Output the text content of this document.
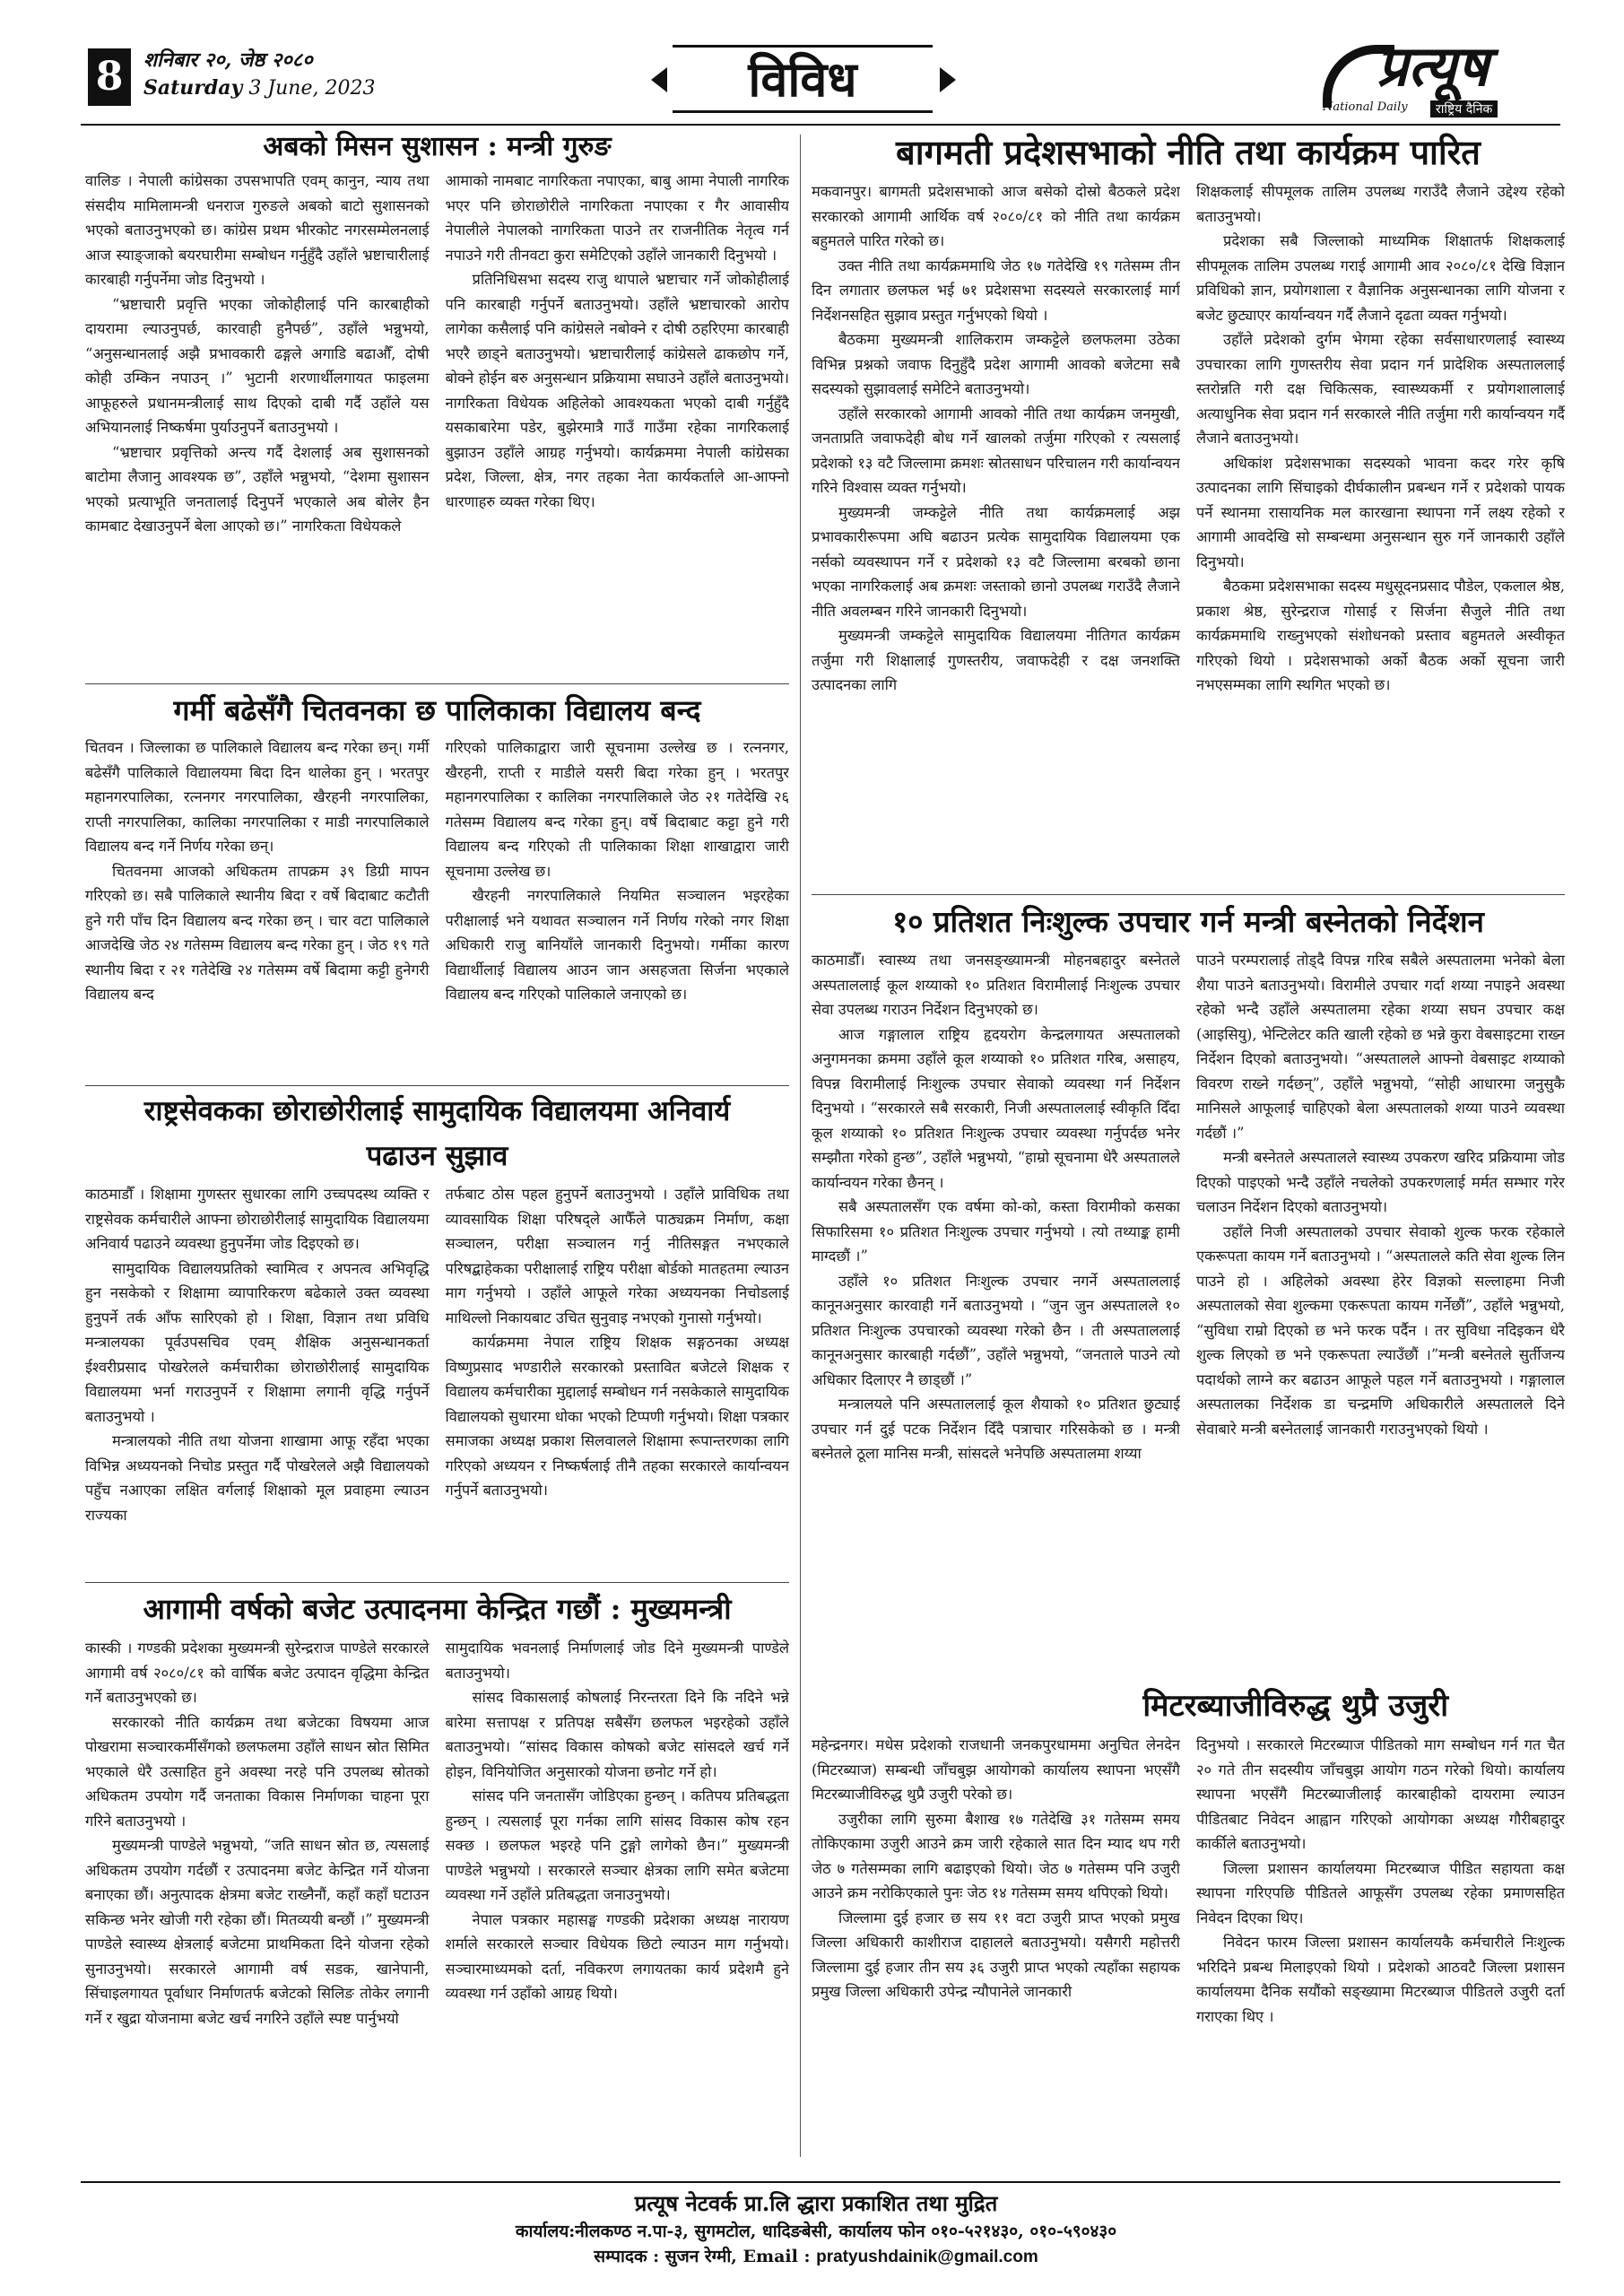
8	शनिबार २०, जेष्ठ २०८०
Saturday 3 June, 2023	विविध	प्रत्यूष
National Daily	राष्ट्रिय दैनिक
अबको मिसन सुशासन : मन्त्री गुरुङ

वालिङ । नेपाली कांग्रेसका उपसभापति एवम् कानुन, न्याय तथा संसदीय मामिलामन्त्री धनराज गुरुङले अबको बाटो सुशासनको भएको बताउनुभएको छ। कांग्रेस प्रथम भीरकोट नगरसम्मेलनलाई आज स्याङ्जाको बयरघारीमा सम्बोधन गर्नुहुँदै उहाँले भ्रष्टाचारीलाई कारबाही गर्नुपर्नेमा जोड दिनुभयो ।

“भ्रष्टाचारी प्रवृत्ति भएका जोकोहीलाई पनि कारबाहीको दायरामा ल्याउनुपर्छ, कारवाही हुनैपर्छ”, उहाँले भन्नुभयो, “अनुसन्धानलाई अझै प्रभावकारी ढङ्गले अगाडि बढाऔँ, दोषी कोही उम्किन नपाउन् ।” भुटानी शरणार्थीलगायत फाइलमा आफूहरुले प्रधानमन्त्रीलाई साथ दिएको दाबी गर्दै उहाँले यस अभियानलाई निष्कर्षमा पुर्याउनुपर्ने बताउनुभयो ।

“भ्रष्टाचार प्रवृत्तिको अन्त्य गर्दै देशलाई अब सुशासनको बाटोमा लैजानु आवश्यक छ”, उहाँले भन्नुभयो, “देशमा सुशासन भएको प्रत्याभूति जनतालाई दिनुपर्ने भएकाले अब बोलेर हैन कामबाट देखाउनुपर्ने बेला आएको छ।” नागरिकता विधेयकले

आमाको नामबाट नागरिकता नपाएका, बाबु आमा नेपाली नागरिक भएर पनि छोराछोरीले नागरिकता नपाएका र गैर आवासीय नेपालीले नेपालको नागरिकता पाउने तर राजनीतिक नेतृत्व गर्न नपाउने गरी तीनवटा कुरा समेटिएको उहाँले जानकारी दिनुभयो ।

प्रतिनिधिसभा सदस्य राजु थापाले भ्रष्टाचार गर्ने जोकोहीलाई पनि कारबाही गर्नुपर्ने बताउनुभयो। उहाँले भ्रष्टाचारको आरोप लागेका कसैलाई पनि कांग्रेसले नबोक्ने र दोषी ठहरिएमा कारबाही भएरै छाड्ने बताउनुभयो। भ्रष्टाचारीलाई कांग्रेसले ढाकछोप गर्ने, बोक्ने होईन बरु अनुसन्धान प्रक्रियामा सघाउने उहाँले बताउनुभयो। नागरिकता विधेयक अहिलेको आवश्यकता भएको दाबी गर्नुहुँदै यसकाबारेमा पडेर, बुझेरमात्रै गाउँ गाउँमा रहेका नागरिकलाई बुझाउन उहाँले आग्रह गर्नुभयो। कार्यक्रममा नेपाली कांग्रेसका प्रदेश, जिल्ला, क्षेत्र, नगर तहका नेता कार्यकर्ताले आ-आफ्नो धारणाहरु व्यक्त गरेका थिए।

गर्मी बढेसँगै चितवनका छ पालिकाका विद्यालय बन्द

चितवन । जिल्लाका छ पालिकाले विद्यालय बन्द गरेका छन्। गर्मी बढेसँगै पालिकाले विद्यालयमा बिदा दिन थालेका हुन् । भरतपुर महानगरपालिका, रत्ननगर नगरपालिका, खैरहनी नगरपालिका, राप्ती नगरपालिका, कालिका नगरपालिका र माडी नगरपालिकाले विद्यालय बन्द गर्ने निर्णय गरेका छन्।

चितवनमा आजको अधिकतम तापक्रम ३९ डिग्री मापन गरिएको छ। सबै पालिकाले स्थानीय बिदा र वर्षे बिदाबाट कटौती हुने गरी पाँच दिन विद्यालय बन्द गरेका छन् । चार वटा पालिकाले आजदेखि जेठ २४ गतेसम्म विद्यालय बन्द गरेका हुन् । जेठ १९ गते स्थानीय बिदा र २१ गतेदेखि २४ गतेसम्म वर्षे बिदामा कट्टी हुनेगरी विद्यालय बन्द

गरिएको पालिकाद्वारा जारी सूचनामा उल्लेख छ । रत्ननगर, खैरहनी, राप्ती र माडीले यसरी बिदा गरेका हुन् । भरतपुर महानगरपालिका र कालिका नगरपालिकाले जेठ २१ गतेदेखि २६ गतेसम्म विद्यालय बन्द गरेका हुन्। वर्षे बिदाबाट कट्टा हुने गरी विद्यालय बन्द गरिएको ती पालिकाका शिक्षा शाखाद्वारा जारी सूचनामा उल्लेख छ।

खैरहनी नगरपालिकाले नियमित सञ्चालन भइरहेका परीक्षालाई भने यथावत सञ्चालन गर्ने निर्णय गरेको नगर शिक्षा अधिकारी राजु बानियाँले जानकारी दिनुभयो। गर्मीका कारण विद्यार्थीलाई विद्यालय आउन जान असहजता सिर्जना भएकाले विद्यालय बन्द गरिएको पालिकाले जनाएको छ।

राष्ट्रसेवकका छोराछोरीलाई सामुदायिक विद्यालयमा अनिवार्य
पढाउन सुझाव

काठमाडौँ । शिक्षामा गुणस्तर सुधारका लागि उच्चपदस्थ व्यक्ति र राष्ट्रसेवक कर्मचारीले आफ्ना छोराछोरीलाई सामुदायिक विद्यालयमा अनिवार्य पढाउने व्यवस्था हुनुपर्नेमा जोड दिइएको छ।

सामुदायिक विद्यालयप्रतिको स्वामित्व र अपनत्व अभिवृद्धि हुन नसकेको र शिक्षामा व्यापारिकरण बढेकाले उक्त व्यवस्था हुनुपर्ने तर्क आँफ सारिएको हो । शिक्षा, विज्ञान तथा प्रविधि मन्त्रालयका पूर्वउपसचिव एवम् शैक्षिक अनुसन्धानकर्ता ईश्वरीप्रसाद पोखरेलले कर्मचारीका छोराछोरीलाई सामुदायिक विद्यालयमा भर्ना गराउनुपर्ने र शिक्षामा लगानी वृद्धि गर्नुपर्ने बताउनुभयो ।

मन्त्रालयको नीति तथा योजना शाखामा आफू रहँदा भएका विभिन्न अध्ययनको निचोड प्रस्तुत गर्दै पोखरेलले अझै विद्यालयको पहुँच नआएका लक्षित वर्गलाई शिक्षाको मूल प्रवाहमा ल्याउन राज्यका

तर्फबाट ठोस पहल हुनुपर्ने बताउनुभयो । उहाँले प्राविधिक तथा व्यावसायिक शिक्षा परिषद्ले आफैँले पाठ्यक्रम निर्माण, कक्षा सञ्चालन, परीक्षा सञ्चालन गर्नु नीतिसङ्गत नभएकाले परिषद्बाहेकका परीक्षालाई राष्ट्रिय परीक्षा बोर्डको मातहतमा ल्याउन माग गर्नुभयो । उहाँले आफूले गरेका अध्ययनका निचोडलाई माथिल्लो निकायबाट उचित सुनुवाइ नभएको गुनासो गर्नुभयो।

कार्यक्रममा नेपाल राष्ट्रिय शिक्षक सङ्गठनका अध्यक्ष विष्णुप्रसाद भण्डारीले सरकारको प्रस्तावित बजेटले शिक्षक र विद्यालय कर्मचारीका मुद्दालाई सम्बोधन गर्न नसकेकाले सामुदायिक विद्यालयको सुधारमा धोका भएको टिप्पणी गर्नुभयो। शिक्षा पत्रकार समाजका अध्यक्ष प्रकाश सिलवालले शिक्षामा रूपान्तरणका लागि गरिएको अध्ययन र निष्कर्षलाई तीनै तहका सरकारले कार्यान्वयन गर्नुपर्ने बताउनुभयो।

आगामी वर्षको बजेट उत्पादनमा केन्द्रित गछौं : मुख्यमन्त्री

कास्की । गण्डकी प्रदेशका मुख्यमन्त्री सुरेन्द्रराज पाण्डेले सरकारले आगामी वर्ष २०८०/८१ को वार्षिक बजेट उत्पादन वृद्धिमा केन्द्रित गर्ने बताउनुभएको छ।

सरकारको नीति कार्यक्रम तथा बजेटका विषयमा आज पोखरामा सञ्चारकर्मीसँगको छलफलमा उहाँले साधन स्रोत सिमित भएकाले धेरै उत्साहित हुने अवस्था नरहे पनि उपलब्ध स्रोतको अधिकतम उपयोग गर्दै जनताका विकास निर्माणका चाहना पूरा गरिने बताउनुभयो ।

मुख्यमन्त्री पाण्डेले भन्नुभयो, “जति साधन स्रोत छ, त्यसलाई अधिकतम उपयोग गर्दछौं र उत्पादनमा बजेट केन्द्रित गर्ने योजना बनाएका छौं। अनुत्पादक क्षेत्रमा बजेट राख्नैनौं, कहाँ कहाँ घटाउन सकिन्छ भनेर खोजी गरी रहेका छौं। मितव्ययी बन्छौं ।” मुख्यमन्त्री पाण्डेले स्वास्थ्य क्षेत्रलाई बजेटमा प्राथमिकता दिने योजना रहेको सुनाउनुभयो। सरकारले आगामी वर्ष सडक, खानेपानी, सिंचाइलगायत पूर्वाधार निर्माणतर्फ बजेटको सिलिङ तोकेर लगानी गर्ने र खुद्रा योजनामा बजेट खर्च नगरिने उहाँले स्पष्ट पार्नुभयो

सामुदायिक भवनलाई निर्माणलाई जोड दिने मुख्यमन्त्री पाण्डेले बताउनुभयो।

सांसद विकासलाई कोषलाई निरन्तरता दिने कि नदिने भन्ने बारेमा सत्तापक्ष र प्रतिपक्ष सबैसँग छलफल भइरहेको उहाँले बताउनुभयो। “सांसद विकास कोषको बजेट सांसदले खर्च गर्ने होइन, विनियोजित अनुसारको योजना छनोट गर्ने हो।

सांसद पनि जनतासँग जोडिएका हुन्छन् । कतिपय प्रतिबद्धता हुन्छन् । त्यसलाई पूरा गर्नका लागि सांसद विकास कोष रहन सक्छ । छलफल भइरहे पनि टुङ्गो लागेको छैन।” मुख्यमन्त्री पाण्डेले भन्नुभयो । सरकारले सञ्चार क्षेत्रका लागि समेत बजेटमा व्यवस्था गर्ने उहाँले प्रतिबद्धता जनाउनुभयो।

नेपाल पत्रकार महासङ्घ गण्डकी प्रदेशका अध्यक्ष नारायण शर्माले सरकारले सञ्चार विधेयक छिटो ल्याउन माग गर्नुभयो। सञ्चारमाध्यमको दर्ता, नविकरण लगायतका कार्य प्रदेशमै हुने व्यवस्था गर्न उहाँको आग्रह थियो।

बागमती प्रदेशसभाको नीति तथा कार्यक्रम पारित

मकवानपुर। बागमती प्रदेशसभाको आज बसेको दोस्रो बैठकले प्रदेश सरकारको आगामी आर्थिक वर्ष २०८०/८१ को नीति तथा कार्यक्रम बहुमतले पारित गरेको छ।

उक्त नीति तथा कार्यक्रममाथि जेठ १७ गतेदेखि १९ गतेसम्म तीन दिन लगातार छलफल भई ७१ प्रदेशसभा सदस्यले सरकारलाई मार्ग निर्देशनसहित सुझाव प्रस्तुत गर्नुभएको थियो ।

बैठकमा मुख्यमन्त्री शालिकराम जम्कट्टेले छलफलमा उठेका विभिन्न प्रश्नको जवाफ दिनुहुँदै प्रदेश आगामी आवको बजेटमा सबै सदस्यको सुझावलाई समेटिने बताउनुभयो।

उहाँले सरकारको आगामी आवको नीति तथा कार्यक्रम जनमुखी, जनताप्रति जवाफदेही बोध गर्ने खालको तर्जुमा गरिएको र त्यसलाई प्रदेशको १३ वटै जिल्लामा क्रमशः स्रोतसाधन परिचालन गरी कार्यान्वयन गरिने विश्वास व्यक्त गर्नुभयो।

मुख्यमन्त्री जम्कट्टेले नीति तथा कार्यक्रमलाई अझ प्रभावकारीरूपमा अघि बढाउन प्रत्येक सामुदायिक विद्यालयमा एक नर्सको व्यवस्थापन गर्ने र प्रदेशको १३ वटै जिल्लामा बरबको छाना भएका नागरिकलाई अब क्रमशः जस्ताको छानो उपलब्ध गराउँदै लैजाने नीति अवलम्बन गरिने जानकारी दिनुभयो।

मुख्यमन्त्री जम्कट्टेले सामुदायिक विद्यालयमा नीतिगत कार्यक्रम तर्जुमा गरी शिक्षालाई गुणस्तरीय, जवाफदेही र दक्ष जनशक्ति उत्पादनका लागि

शिक्षकलाई सीपमूलक तालिम उपलब्ध गराउँदै लैजाने उद्देश्य रहेको बताउनुभयो।

प्रदेशका सबै जिल्लाको माध्यमिक शिक्षातर्फ शिक्षकलाई सीपमूलक तालिम उपलब्ध गराई आगामी आव २०८०/८१ देखि विज्ञान प्रविधिको ज्ञान, प्रयोगशाला र वैज्ञानिक अनुसन्धानका लागि योजना र बजेट छुट्याएर कार्यान्वयन गर्दै लैजाने दृढता व्यक्त गर्नुभयो।

उहाँले प्रदेशको दुर्गम भेगमा रहेका सर्वसाधारणलाई स्वास्थ्य उपचारका लागि गुणस्तरीय सेवा प्रदान गर्न प्रादेशिक अस्पताललाई स्तरोन्नति गरी दक्ष चिकित्सक, स्वास्थ्यकर्मी र प्रयोगशालालाई अत्याधुनिक सेवा प्रदान गर्न सरकारले नीति तर्जुमा गरी कार्यान्वयन गर्दै लैजाने बताउनुभयो।

अधिकांश प्रदेशसभाका सदस्यको भावना कदर गरेर कृषि उत्पादनका लागि सिंचाइको दीर्घकालीन प्रबन्धन गर्ने र प्रदेशको पायक पर्ने स्थानमा रासायनिक मल कारखाना स्थापना गर्ने लक्ष्य रहेको र आगामी आवदेखि सो सम्बन्धमा अनुसन्धान सुरु गर्ने जानकारी उहाँले दिनुभयो।

बैठकमा प्रदेशसभाका सदस्य मधुसूदनप्रसाद पौडेल, एकलाल श्रेष्ठ, प्रकाश श्रेष्ठ, सुरेन्द्रराज गोसाई र सिर्जना सैजुले नीति तथा कार्यक्रममाथि राख्नुभएको संशोधनको प्रस्ताव बहुमतले अस्वीकृत गरिएको थियो । प्रदेशसभाको अर्को बैठक अर्को सूचना जारी नभएसम्मका लागि स्थगित भएको छ।

१० प्रतिशत निःशुल्क उपचार गर्न मन्त्री बस्नेतको निर्देशन

काठमाडौँ। स्वास्थ्य तथा जनसङ्ख्यामन्त्री मोहनबहादुर बस्नेतले अस्पताललाई कूल शय्याको १० प्रतिशत विरामीलाई निःशुल्क उपचार सेवा उपलब्ध गराउन निर्देशन दिनुभएको छ।

आज गङ्गालाल राष्ट्रिय हृदयरोग केन्द्रलगायत अस्पतालको अनुगमनका क्रममा उहाँले कूल शय्याको १० प्रतिशत गरिब, असाहय, विपन्न विरामीलाई निःशुल्क उपचार सेवाको व्यवस्था गर्न निर्देशन दिनुभयो । “सरकारले सबै सरकारी, निजी अस्पताललाई स्वीकृति दिँदा कूल शय्याको १० प्रतिशत निःशुल्क उपचार व्यवस्था गर्नुपर्दछ भनेर सम्झौता गरेको हुन्छ”, उहाँले भन्नुभयो, “हाम्रो सूचनामा धेरै अस्पतालले कार्यान्वयन गरेका छैनन् ।

सबै अस्पतालसँग एक वर्षमा को-को, कस्ता विरामीको कसका सिफारिसमा १० प्रतिशत निःशुल्क उपचार गर्नुभयो । त्यो तथ्याङ्क हामी माग्दछौं ।”

उहाँले १० प्रतिशत निःशुल्क उपचार नगर्ने अस्पताललाई कानूनअनुसार कारवाही गर्ने बताउनुभयो । “जुन जुन अस्पतालले १० प्रतिशत निःशुल्क उपचारको व्यवस्था गरेको छैन । ती अस्पताललाई कानूनअनुसार कारबाही गर्दछौं”, उहाँले भन्नुभयो, “जनताले पाउने त्यो अधिकार दिलाएर नै छाड्छौं ।”

मन्त्रालयले पनि अस्पताललाई कूल शैयाको १० प्रतिशत छुट्याई उपचार गर्न दुई पटक निर्देशन दिँदै पत्राचार गरिसकेको छ । मन्त्री बस्नेतले ठूला मानिस मन्त्री, सांसदले भनेपछि अस्पतालमा शय्या

पाउने परम्परालाई तोड्दै विपन्न गरिब सबैले अस्पतालमा भनेको बेला शैया पाउने बताउनुभयो। विरामीले उपचार गर्दा शय्या नपाइने अवस्था रहेको भन्दै उहाँले अस्पतालमा रहेका शय्या सघन उपचार कक्ष (आइसियु), भेन्टिलेटर कति खाली रहेको छ भन्ने कुरा वेबसाइटमा राख्न निर्देशन दिएको बताउनुभयो। “अस्पतालले आफ्नो वेबसाइट शय्याको विवरण राख्ने गर्दछन्”, उहाँले भन्नुभयो, “सोही आधारमा जनुसुकै मानिसले आफूलाई चाहिएको बेला अस्पतालको शय्या पाउने व्यवस्था गर्दछौं ।”

मन्त्री बस्नेतले अस्पतालले स्वास्थ्य उपकरण खरिद प्रक्रियामा जोड दिएको पाइएको भन्दै उहाँले नचलेको उपकरणलाई मर्मत सम्भार गरेर चलाउन निर्देशन दिएको बताउनुभयो।

उहाँले निजी अस्पतालको उपचार सेवाको शुल्क फरक रहेकाले एकरूपता कायम गर्ने बताउनुभयो । “अस्पतालले कति सेवा शुल्क लिन पाउने हो । अहिलेको अवस्था हेरेर विज्ञको सल्लाहमा निजी अस्पतालको सेवा शुल्कमा एकरूपता कायम गर्नेछौं”, उहाँले भन्नुभयो, “सुविधा राम्रो दिएको छ भने फरक पर्दैन । तर सुविधा नदिइकन धेरै शुल्क लिएको छ भने एकरूपता ल्याउँछौं ।”मन्त्री बस्नेतले सुर्तीजन्य पदार्थको लाग्ने कर बढाउन आफूले पहल गर्ने बताउनुभयो । गङ्गालाल अस्पतालका निर्देशक डा चन्द्रमणि अधिकारीले अस्पतालले दिने सेवाबारे मन्त्री बस्नेतलाई जानकारी गराउनुभएको थियो ।

मिटरब्याजीविरुद्ध थुप्रै उजुरी

महेन्द्रनगर। मधेस प्रदेशको राजधानी जनकपुरधाममा अनुचित लेनदेन (मिटरब्याज) सम्बन्धी जाँचबुझ आयोगको कार्यालय स्थापना भएसँगै मिटरब्याजीविरुद्ध थुप्रै उजुरी परेको छ।

उजुरीका लागि सुरुमा बैशाख १७ गतेदेखि ३१ गतेसम्म समय तोकिएकामा उजुरी आउने क्रम जारी रहेकाले सात दिन म्याद थप गरी जेठ ७ गतेसम्मका लागि बढाइएको थियो। जेठ ७ गतेसम्म पनि उजुरी आउने क्रम नरोकिएकाले पुनः जेठ १४ गतेसम्म समय थपिएको थियो।

जिल्लामा दुई हजार छ सय ११ वटा उजुरी प्राप्त भएको प्रमुख जिल्ला अधिकारी काशीराज दाहालले बताउनुभयो। यसैगरी महोत्तरी जिल्लामा दुई हजार तीन सय ३६ उजुरी प्राप्त भएको त्यहाँका सहायक प्रमुख जिल्ला अधिकारी उपेन्द्र न्यौपानेले जानकारी

दिनुभयो । सरकारले मिटरब्याज पीडितको माग सम्बोधन गर्न गत चैत २० गते तीन सदस्यीय जाँचबुझ आयोग गठन गरेको थियो। कार्यालय स्थापना भएसँगै मिटरब्याजीलाई कारबाहीको दायरामा ल्याउन पीडितबाट निवेदन आह्वान गरिएको आयोगका अध्यक्ष गौरीबहादुर कार्कीले बताउनुभयो।

जिल्ला प्रशासन कार्यालयमा मिटरब्याज पीडित सहायता कक्ष स्थापना गरिएपछि पीडितले आफूसँग उपलब्ध रहेका प्रमाणसहित निवेदन दिएका थिए।

निवेदन फारम जिल्ला प्रशासन कार्यालयकै कर्मचारीले निःशुल्क भरिदिने प्रबन्ध मिलाइएको थियो । प्रदेशको आठवटै जिल्ला प्रशासन कार्यालयमा दैनिक सयौंको सङ्ख्यामा मिटरब्याज पीडितले उजुरी दर्ता गराएका थिए ।

प्रत्यूष नेटवर्क प्रा.लि द्धारा प्रकाशित तथा मुद्रित
कार्यालय:नीलकण्ठ न.पा-३, सुगमटोल, धादिङबेसी, कार्यालय फोन ०१०-५२१४३०, ०१०-५९०४३०
सम्पादक : सुजन रेग्मी, Email : pratyushdainik@gmail.com
